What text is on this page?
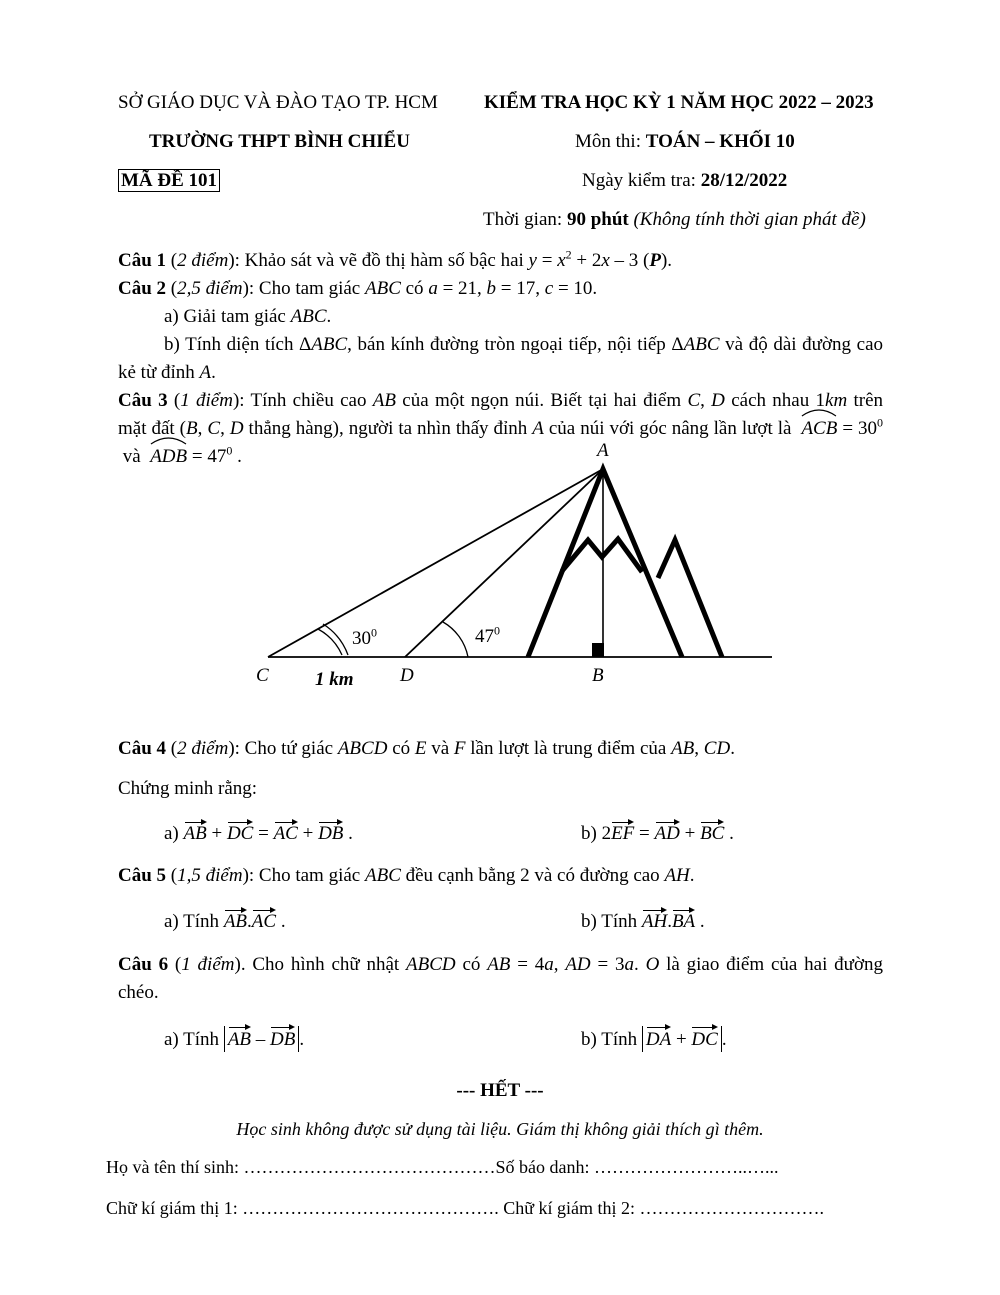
SỞ GIÁO DỤC VÀ ĐÀO TẠO TP. HCM KIỂM TRA HỌC KỲ 1 NĂM HỌC 2022 – 2023
TRƯỜNG THPT BÌNH CHIỂU	Môn thi: TOÁN – KHỐI 10
MÃ ĐỀ 101	Ngày kiểm tra: 28/12/2022
Thời gian: 90 phút (Không tính thời gian phát đề)
Câu 1 (2 điểm): Khảo sát và vẽ đồ thị hàm số bậc hai $y = x^2 + 2x - 3$ (P).
Câu 2 (2,5 điểm): Cho tam giác ABC có a = 21, b = 17, c = 10.
a) Giải tam giác ABC.
b) Tính diện tích ΔABC, bán kính đường tròn ngoại tiếp, nội tiếp ΔABC và độ dài đường cao kẻ từ đỉnh A.
Câu 3 (1 điểm): Tính chiều cao AB của một ngọn núi. Biết tại hai điểm C, D cách nhau 1km trên mặt đất (B, C, D thẳng hàng), người ta nhìn thấy đỉnh A của núi với góc nâng lần lượt là  ACB
= $30^0$  và  ADB
= $47^0$ .	A
C	D	B
1 km
$30^0$	$47^0$
Câu 4 (2 điểm): Cho tứ giác ABCD có E và F lần lượt là trung điểm của AB, CD.
Chứng minh rằng:
a) AB + DC = AC + DB .	b) 2EF = AD + BC .
Câu 5 (1,5 điểm): Cho tam giác ABC đều cạnh bằng 2 và có đường cao AH.
a) Tính AB.AC .	b) Tính AH.BA .
Câu 6 (1 điểm). Cho hình chữ nhật ABCD có AB = 4a, AD = 3a. O là giao điểm của hai đường chéo.
a) Tính AB – DB .	b) Tính DA + DC .
--- HẾT ---
Học sinh không được sử dụng tài liệu. Giám thị không giải thích gì thêm.
Họ và tên thí sinh: ……………………………………Số báo danh: ……………………..…...
Chữ kí giám thị 1: ……………………………………. Chữ kí giám thị 2: ………………………….
